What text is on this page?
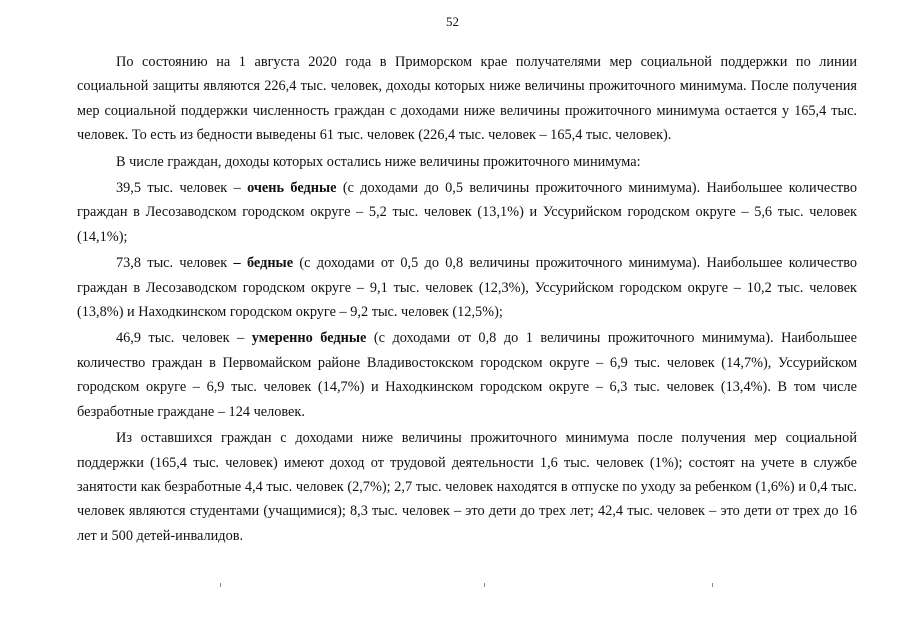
52

По состоянию на 1 августа 2020 года в Приморском крае получателями мер социальной поддержки по линии социальной защиты являются 226,4 тыс. человек, доходы которых ниже величины прожиточного минимума. После получения мер социальной поддержки численность граждан с доходами ниже величины прожиточного минимума остается у 165,4 тыс. человек. То есть из бедности выведены 61 тыс. человек (226,4 тыс. человек – 165,4 тыс. человек).

В числе граждан, доходы которых остались ниже величины прожиточного минимума:

39,5 тыс. человек – очень бедные (с доходами до 0,5 величины прожиточного минимума). Наибольшее количество граждан в Лесозаводском городском округе – 5,2 тыс. человек (13,1%) и Уссурийском городском округе – 5,6 тыс. человек (14,1%);

73,8 тыс. человек – бедные (с доходами от 0,5 до 0,8 величины прожиточного минимума). Наибольшее количество граждан в Лесозаводском городском округе – 9,1 тыс. человек (12,3%), Уссурийском городском округе – 10,2 тыс. человек (13,8%) и Находкинском городском округе – 9,2 тыс. человек (12,5%);

46,9 тыс. человек – умеренно бедные (с доходами от 0,8 до 1 величины прожиточного минимума). Наибольшее количество граждан в Первомайском районе Владивостокском городском округе – 6,9 тыс. человек (14,7%), Уссурийском городском округе – 6,9 тыс. человек (14,7%) и Находкинском городском округе – 6,3 тыс. человек (13,4%). В том числе безработные граждане – 124 человек.

Из оставшихся граждан с доходами ниже величины прожиточного минимума после получения мер социальной поддержки (165,4 тыс. человек) имеют доход от трудовой деятельности 1,6 тыс. человек (1%); состоят на учете в службе занятости как безработные 4,4 тыс. человек (2,7%); 2,7 тыс. человек находятся в отпуске по уходу за ребенком (1,6%) и 0,4 тыс. человек являются студентами (учащимися); 8,3 тыс. человек – это дети до трех лет; 42,4 тыс. человек – это дети от трех до 16 лет и 500 детей-инвалидов.
